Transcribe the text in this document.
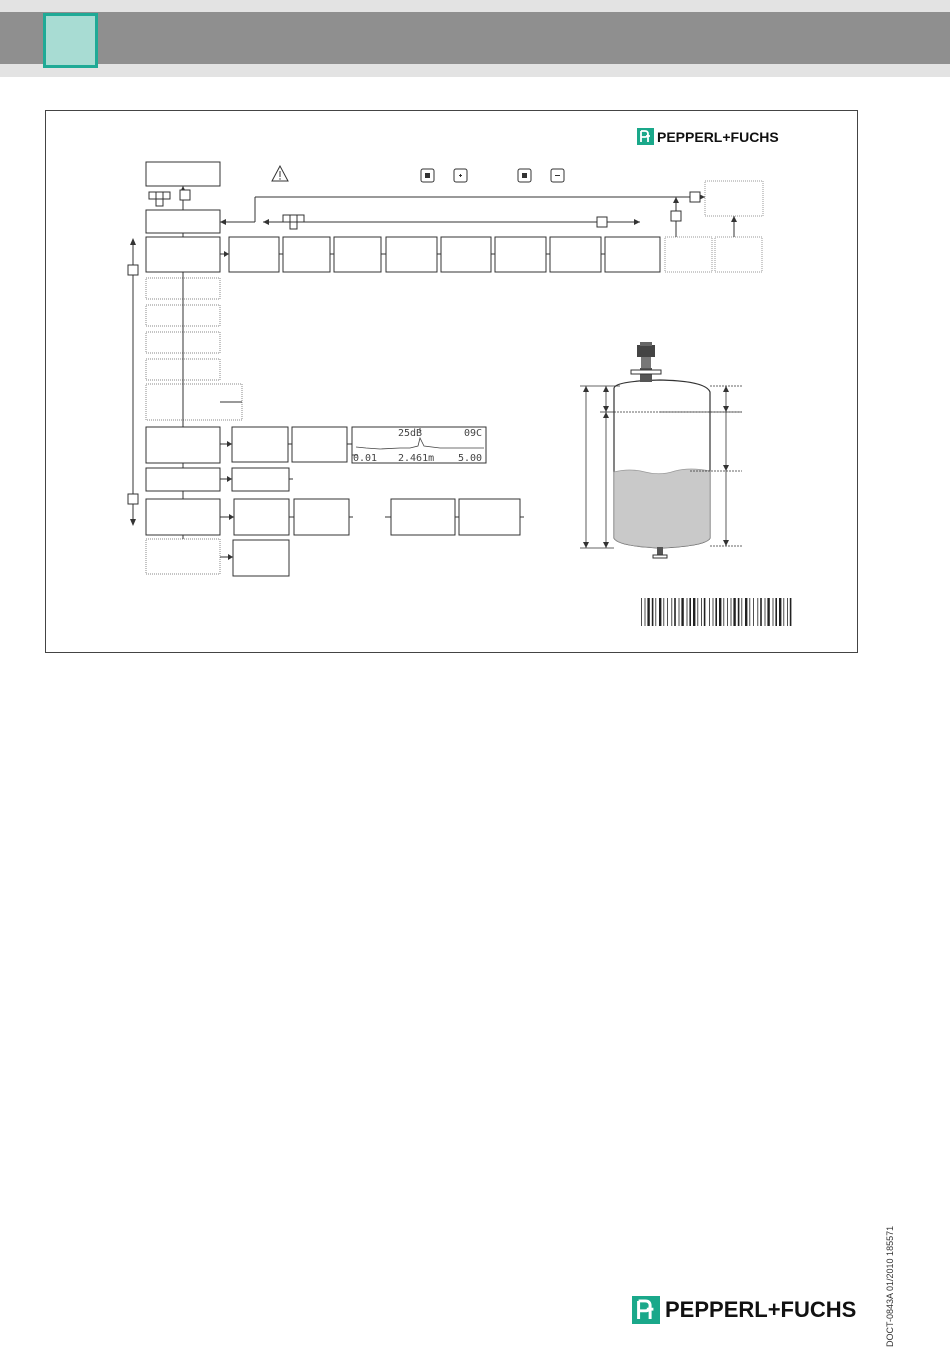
PEPPERL+FUCHS
25dB	09C
0.01 2.461m 5.00
DOCT-0843A 01/2010 185571
PEPPERL+FUCHS
